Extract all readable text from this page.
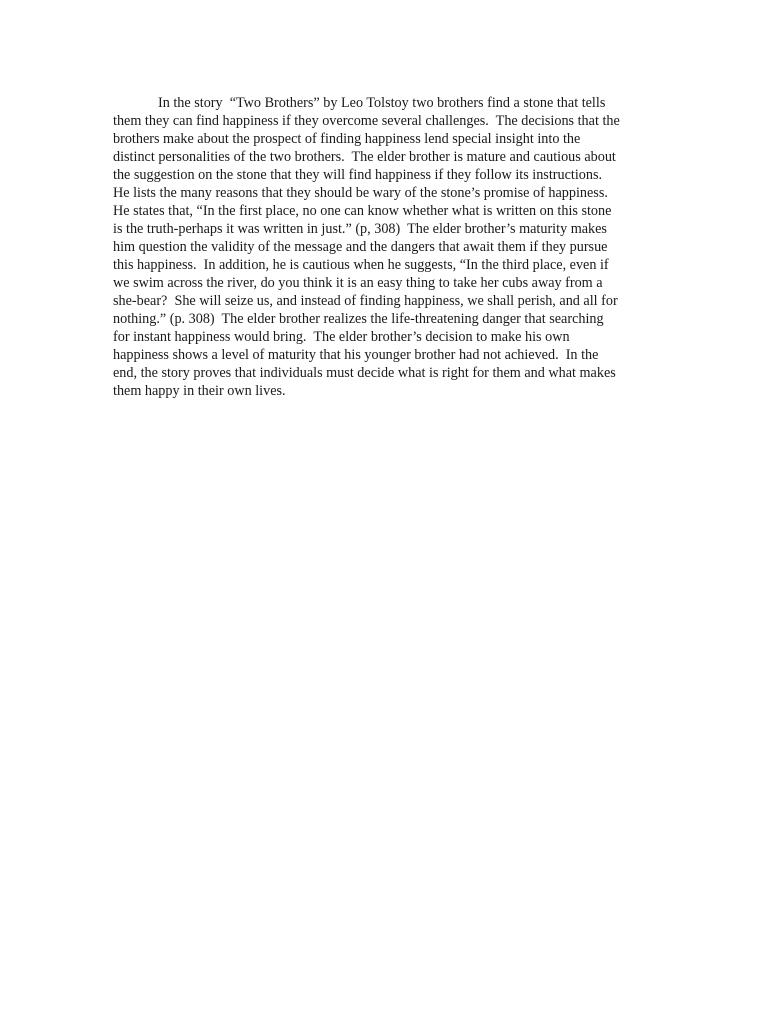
In the story  “Two Brothers” by Leo Tolstoy two brothers find a stone that tells
them they can find happiness if they overcome several challenges.  The decisions that the
brothers make about the prospect of finding happiness lend special insight into the
distinct personalities of the two brothers.  The elder brother is mature and cautious about
the suggestion on the stone that they will find happiness if they follow its instructions.
He lists the many reasons that they should be wary of the stone’s promise of happiness.
He states that, “In the first place, no one can know whether what is written on this stone
is the truth-perhaps it was written in just.” (p, 308)  The elder brother’s maturity makes
him question the validity of the message and the dangers that await them if they pursue
this happiness.  In addition, he is cautious when he suggests, “In the third place, even if
we swim across the river, do you think it is an easy thing to take her cubs away from a
she-bear?  She will seize us, and instead of finding happiness, we shall perish, and all for
nothing.” (p. 308)  The elder brother realizes the life-threatening danger that searching
for instant happiness would bring.  The elder brother’s decision to make his own
happiness shows a level of maturity that his younger brother had not achieved.  In the
end, the story proves that individuals must decide what is right for them and what makes
them happy in their own lives.
